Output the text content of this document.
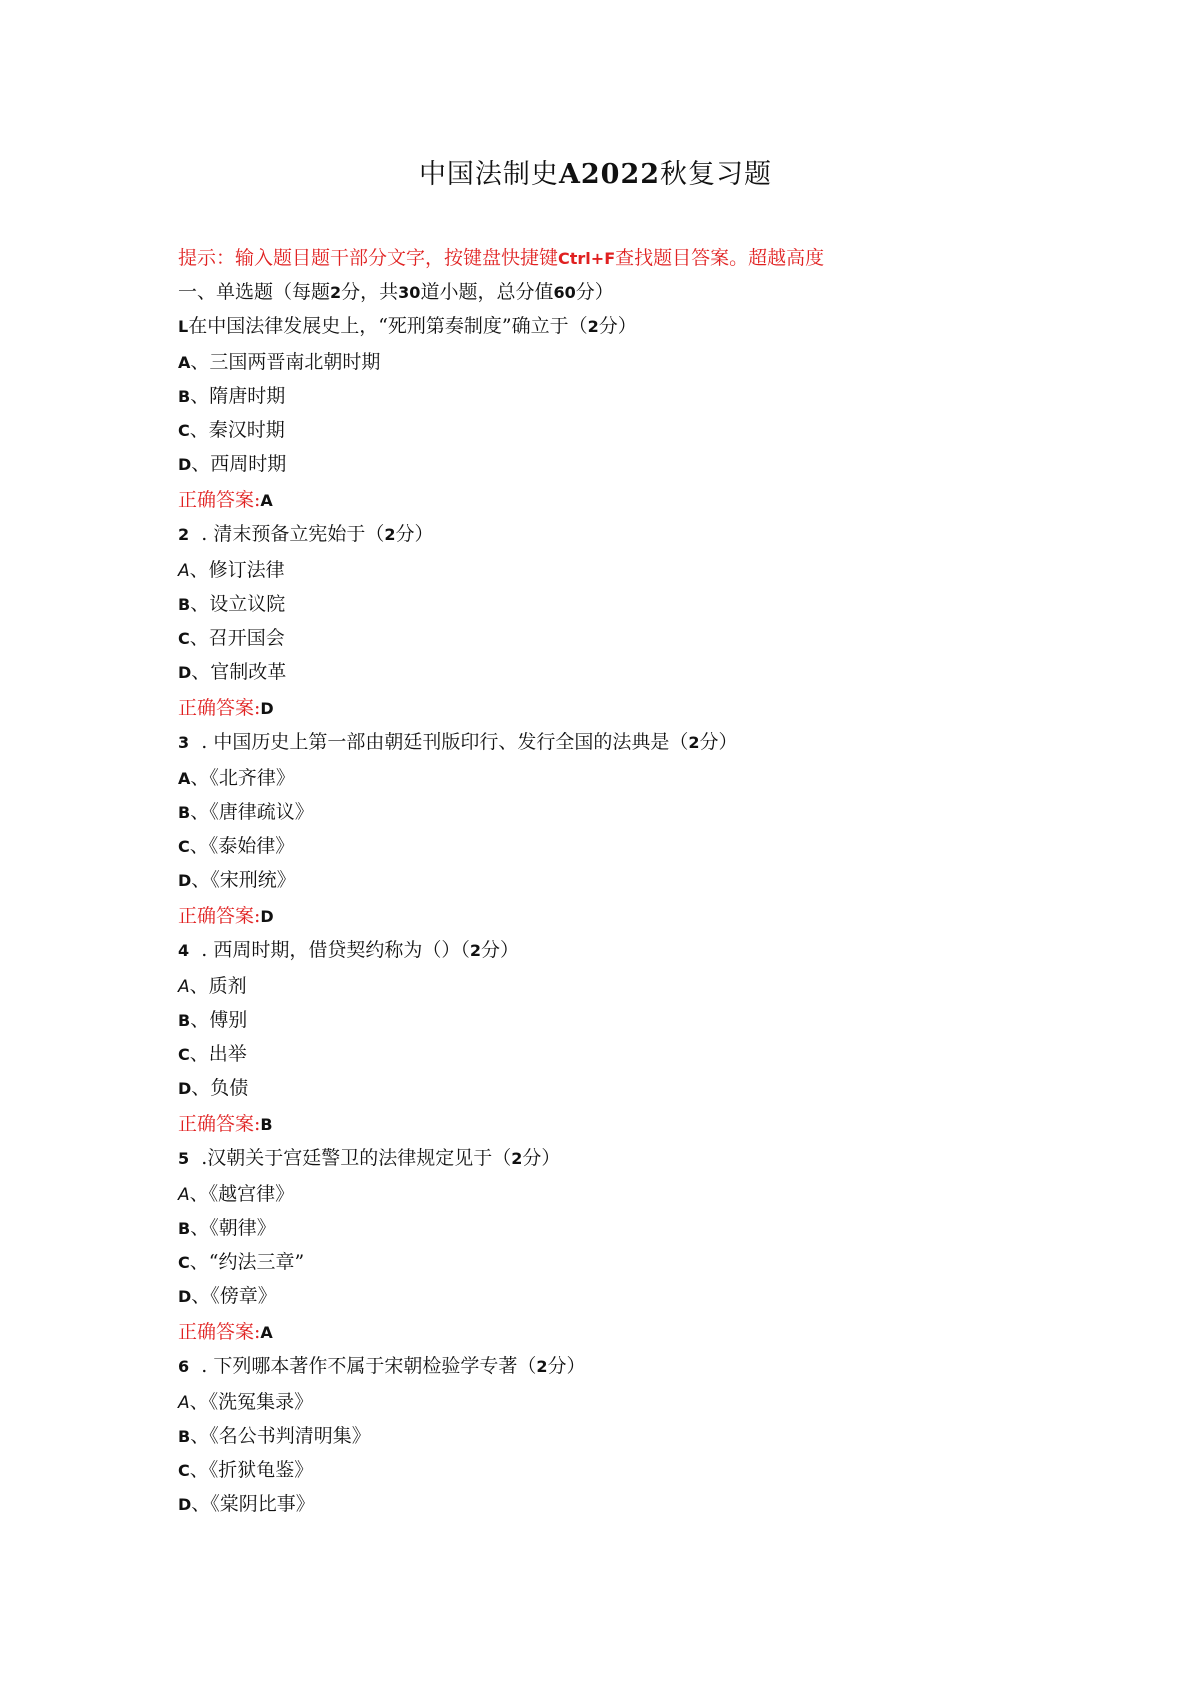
中国法制史A2022秋复习题
提示：输入题目题干部分文字，按键盘快捷键Ctrl+F查找题目答案。超越高度
一、单选题（每题2分，共30道小题，总分值60分）
L在中国法律发展史上，“死刑第奏制度”确立于（2分）
A、三国两晋南北朝时期
B、隋唐时期
C、秦汉时期
D、西周时期
正确答案:A
2 . 清末预备立宪始于（2分）
A、修订法律
B、设立议院
C、召开国会
D、官制改革
正确答案:D
3 . 中国历史上第一部由朝廷刊版印行、发行全国的法典是（2分）
A、《北齐律》
B、《唐律疏议》
C、《泰始律》
D、《宋刑统》
正确答案:D
4 . 西周时期，借贷契约称为（）（2分）
A、质剂
B、傅别
C、出举
D、负债
正确答案:B
5 .汉朝关于宫廷警卫的法律规定见于（2分）
A、《越宫律》
B、《朝律》
C、“约法三章”
D、《傍章》
正确答案:A
6 . 下列哪本著作不属于宋朝检验学专著（2分）
A、《洗冤集录》
B、《名公书判清明集》
C、《折狱龟鉴》
D、《棠阴比事》
